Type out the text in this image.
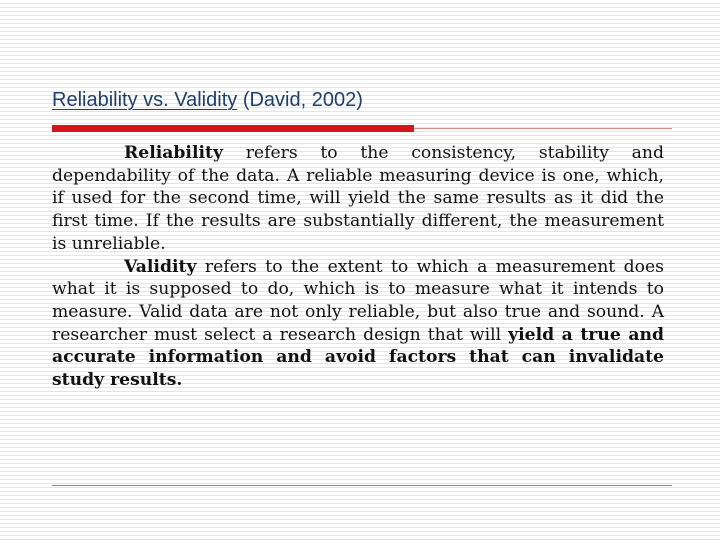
Reliability vs. Validity (David, 2002)

Reliability refers to the consistency, stability and dependability of the data. A reliable measuring device is one, which, if used for the second time, will yield the same results as it did the first time. If the results are substantially different, the measurement is unreliable.

Validity refers to the extent to which a measurement does what it is supposed to do, which is to measure what it intends to measure. Valid data are not only reliable, but also true and sound. A researcher must select a research design that will yield a true and accurate information and avoid factors that can invalidate study results.
